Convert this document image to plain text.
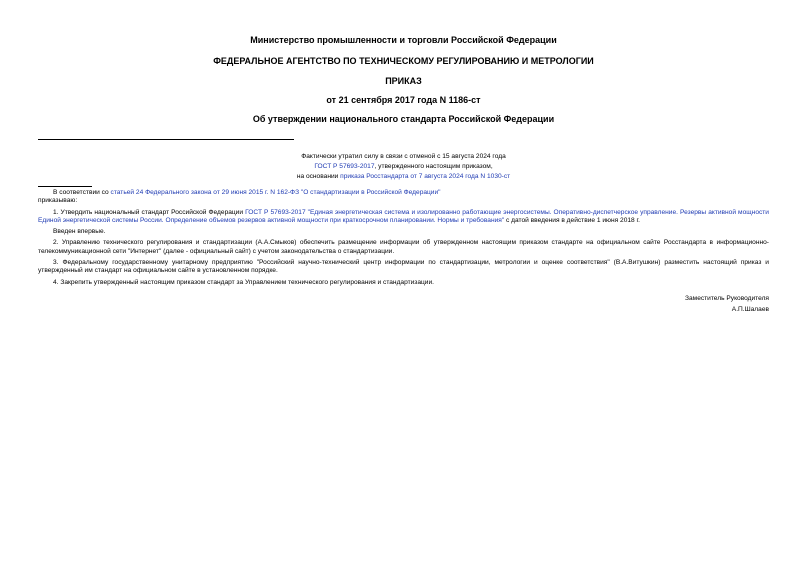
Министерство промышленности и торговли Российской Федерации
ФЕДЕРАЛЬНОЕ АГЕНТСТВО ПО ТЕХНИЧЕСКОМУ РЕГУЛИРОВАНИЮ И МЕТРОЛОГИИ
ПРИКАЗ
от 21 сентября 2017 года N 1186-ст
Об утверждении национального стандарта Российской Федерации
Фактически утратил силу в связи с отменой с 15 августа 2024 года
ГОСТ Р 57693-2017, утвержденного настоящим приказом,
на основании приказа Росстандарта от 7 августа 2024 года N 1030-ст

В соответствии со статьей 24 Федерального закона от 29 июня 2015 г. N 162-ФЗ "О стандартизации в Российской Федерации"

приказываю:

1. Утвердить национальный стандарт Российской Федерации ГОСТ Р 57693-2017 "Единая энергетическая система и изолированно работающие энергосистемы. Оперативно-диспетчерское управление. Резервы активной мощности Единой энергетической системы России. Определение объемов резервов активной мощности при краткосрочном планировании. Нормы и требования" с датой введения в действие 1 июня 2018 г.

Введен впервые.

2. Управлению технического регулирования и стандартизации (А.А.Смыков) обеспечить размещение информации об утвержденном настоящим приказом стандарте на официальном сайте Росстандарта в информационно-телекоммуникационной сети "Интернет" (далее - официальный сайт) с учетом законодательства о стандартизации.

3. Федеральному государственному унитарному предприятию "Российский научно-технический центр информации по стандартизации, метрологии и оценке соответствия" (В.А.Витушкин) разместить настоящий приказ и утвержденный им стандарт на официальном сайте в установленном порядке.

4. Закрепить утвержденный настоящим приказом стандарт за Управлением технического регулирования и стандартизации.

Заместитель Руководителя
А.П.Шалаев
